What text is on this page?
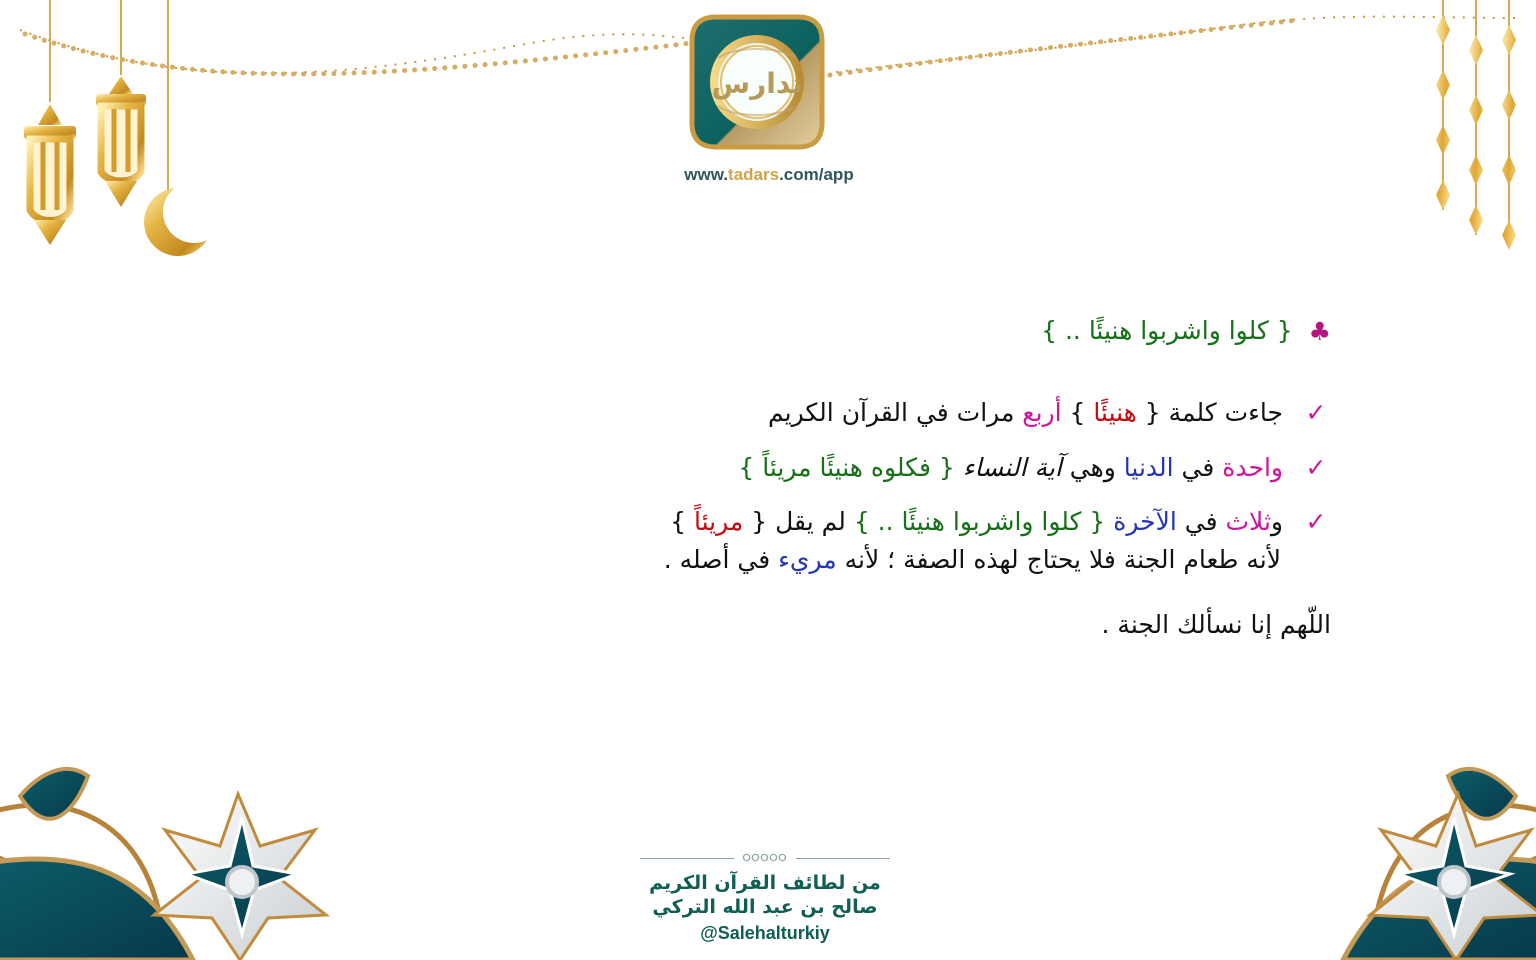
تدارس
www.tadars.com/app
♣ { كلوا واشربوا هنيئًا .. }
✓جاءت كلمة { هنيئًا } أربع مرات في القرآن الكريم
✓واحدة في الدنيا وهي آية النساء { فكلوه هنيئًا مريئاً }
✓وثلاث في الآخرة { كلوا واشربوا هنيئًا .. } لم يقل { مريئاً }
لأنه طعام الجنة فلا يحتاج لهذه الصفة ؛ لأنه مريء في أصله .
اللّهم إنا نسألك الجنة .
୦୦୦୦୦
من لطائف القرآن الكريم
صالح بن عبد الله التركي
@Salehalturkiy
